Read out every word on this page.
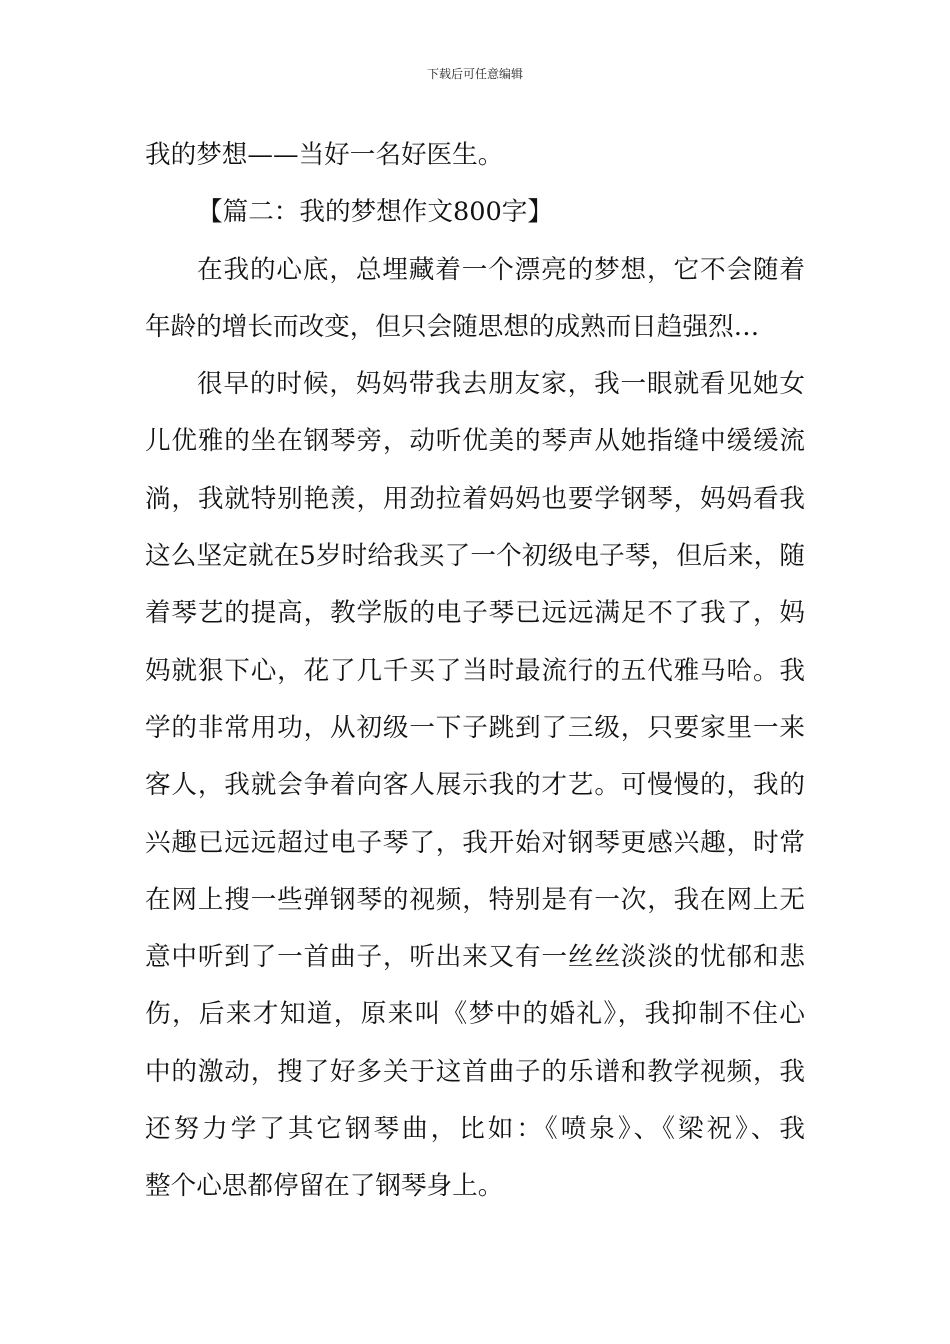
下载后可任意编辑
我的梦想——当好一名好医生。
【篇二：我的梦想作文800字】
在我的心底，总埋藏着一个漂亮的梦想，它不会随着
年龄的增长而改变，但只会随思想的成熟而日趋强烈…
很早的时候，妈妈带我去朋友家，我一眼就看见她女
儿优雅的坐在钢琴旁，动听优美的琴声从她指缝中缓缓流
淌，我就特别艳羡，用劲拉着妈妈也要学钢琴，妈妈看我
这么坚定就在5岁时给我买了一个初级电子琴，但后来，随
着琴艺的提高，教学版的电子琴已远远满足不了我了，妈
妈就狠下心，花了几千买了当时最流行的五代雅马哈。我
学的非常用功，从初级一下子跳到了三级，只要家里一来
客人，我就会争着向客人展示我的才艺。可慢慢的，我的
兴趣已远远超过电子琴了，我开始对钢琴更感兴趣，时常
在网上搜一些弹钢琴的视频，特别是有一次，我在网上无
意中听到了一首曲子，听出来又有一丝丝淡淡的忧郁和悲
伤，后来才知道，原来叫《梦中的婚礼》，我抑制不住心
中的激动，搜了好多关于这首曲子的乐谱和教学视频，我
还努力学了其它钢琴曲，比如：《喷泉》、《梁祝》、我
整个心思都停留在了钢琴身上。
